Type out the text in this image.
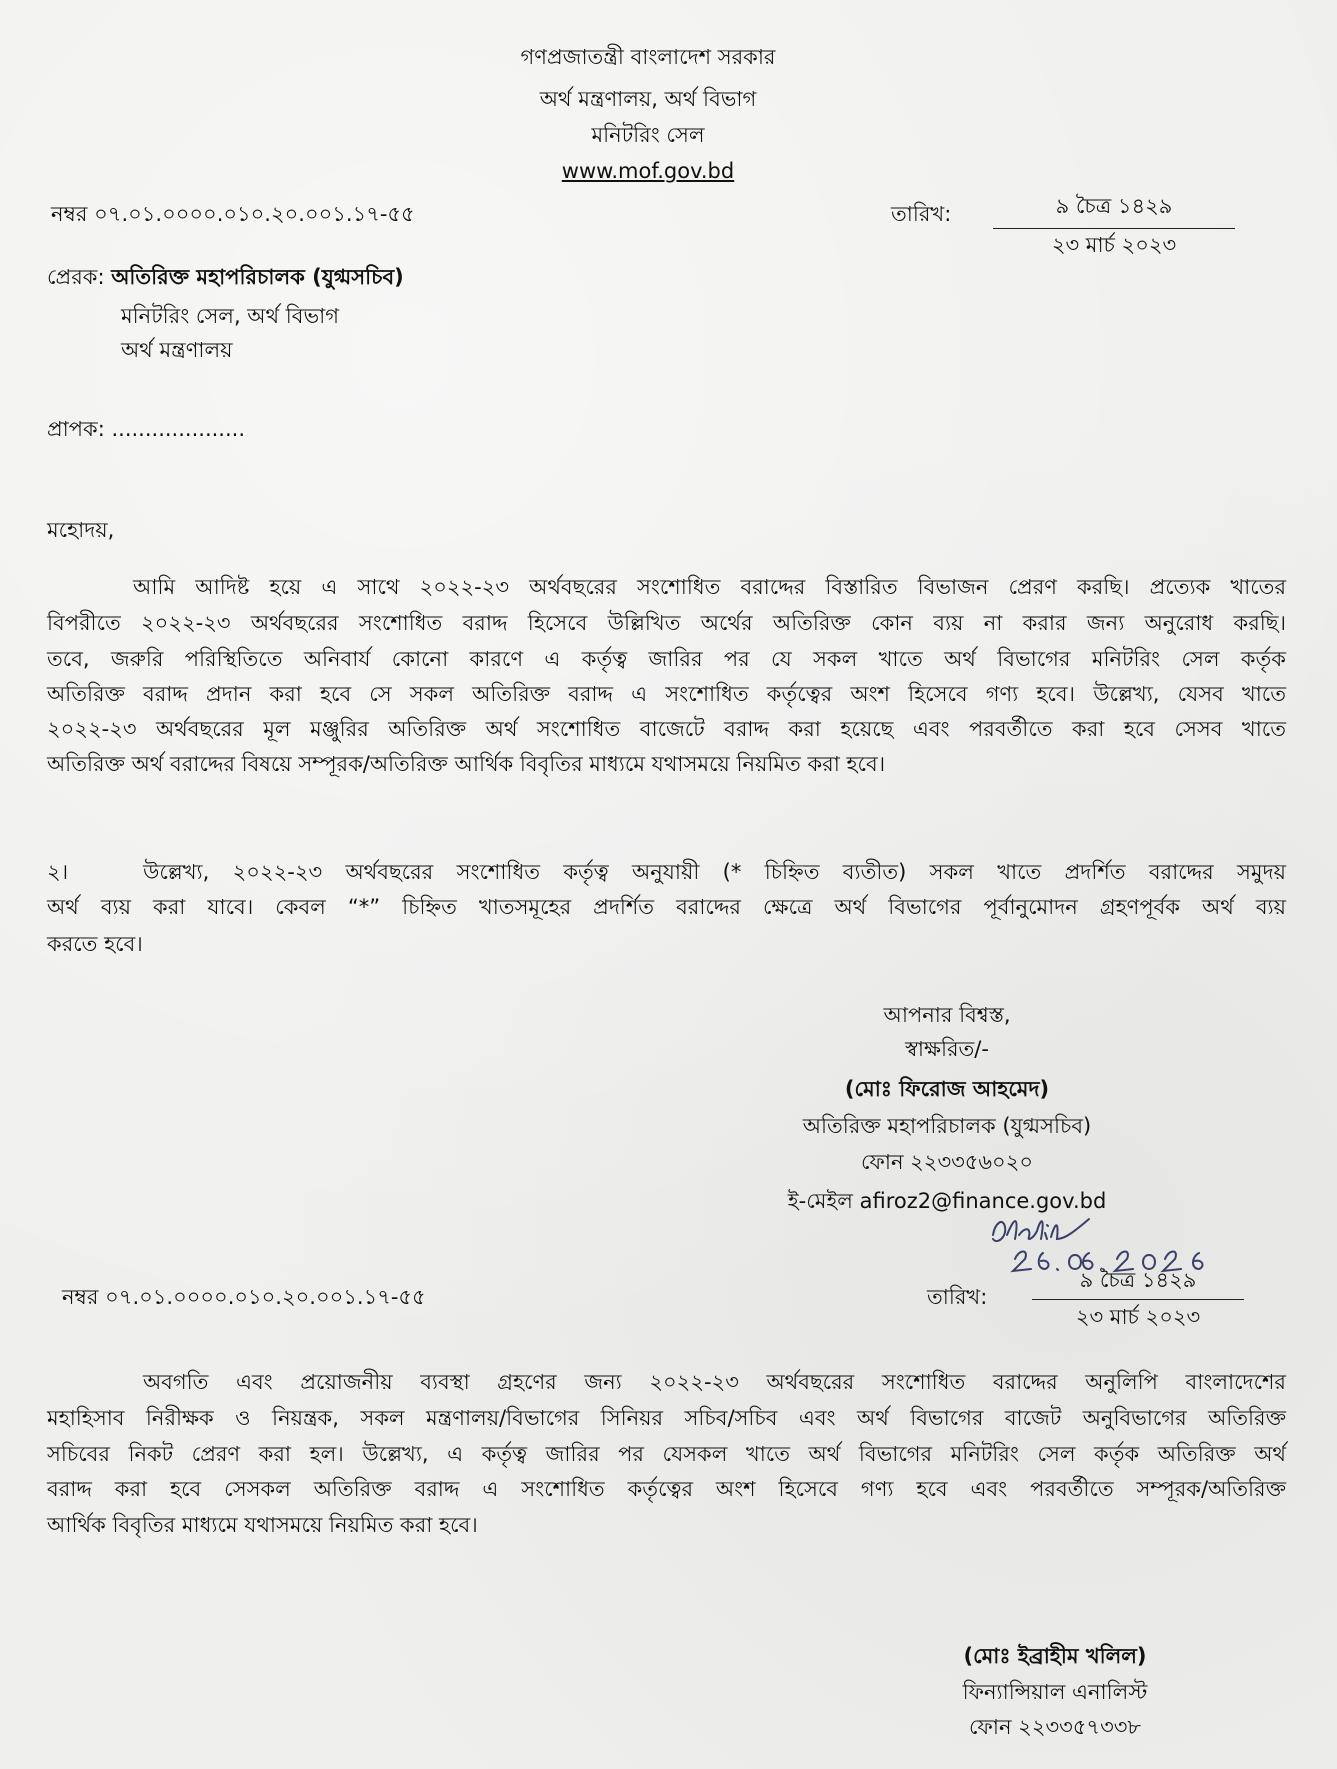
গণপ্রজাতন্ত্রী বাংলাদেশ সরকার
অর্থ মন্ত্রণালয়, অর্থ বিভাগ
মনিটরিং সেল
www.mof.gov.bd
নম্বর ০৭.০১.০০০০.০১০.২০.০০১.১৭-৫৫	তারিখ:	৯ চৈত্র ১৪২৯
২৩ মার্চ ২০২৩
প্রেরক: অতিরিক্ত মহাপরিচালক (যুগ্মসচিব)
মনিটরিং সেল, অর্থ বিভাগ
অর্থ মন্ত্রণালয়
প্রাপক: ....................
মহোদয়,
আমি আদিষ্ট হয়ে এ সাথে ২০২২-২৩ অর্থবছরের সংশোধিত বরাদ্দের বিস্তারিত বিভাজন প্রেরণ করছি। প্রত্যেক খাতের
বিপরীতে ২০২২-২৩ অর্থবছরের সংশোধিত বরাদ্দ হিসেবে উল্লিখিত অর্থের অতিরিক্ত কোন ব্যয় না করার জন্য অনুরোধ করছি।
তবে, জরুরি পরিস্থিতিতে অনিবার্য কোনো কারণে এ কর্তৃত্ব জারির পর যে সকল খাতে অর্থ বিভাগের মনিটরিং সেল কর্তৃক
অতিরিক্ত বরাদ্দ প্রদান করা হবে সে সকল অতিরিক্ত বরাদ্দ এ সংশোধিত কর্তৃত্বের অংশ হিসেবে গণ্য হবে। উল্লেখ্য, যেসব খাতে
২০২২-২৩ অর্থবছরের মূল মঞ্জুরির অতিরিক্ত অর্থ সংশোধিত বাজেটে বরাদ্দ করা হয়েছে এবং পরবর্তীতে করা হবে সেসব খাতে
অতিরিক্ত অর্থ বরাদ্দের বিষয়ে সম্পূরক/অতিরিক্ত আর্থিক বিবৃতির মাধ্যমে যথাসময়ে নিয়মিত করা হবে।
২।	উল্লেখ্য, ২০২২-২৩ অর্থবছরের সংশোধিত কর্তৃত্ব অনুযায়ী (* চিহ্নিত ব্যতীত) সকল খাতে প্রদর্শিত বরাদ্দের সমুদয়
অর্থ ব্যয় করা যাবে। কেবল “*” চিহ্নিত খাতসমূহের প্রদর্শিত বরাদ্দের ক্ষেত্রে অর্থ বিভাগের পূর্বানুমোদন গ্রহণপূর্বক অর্থ ব্যয়
করতে হবে।
আপনার বিশ্বস্ত,
স্বাক্ষরিত/-
(মোঃ ফিরোজ আহমেদ)
অতিরিক্ত মহাপরিচালক (যুগ্মসচিব)
ফোন ২২৩৩৫৬০২০
ই-মেইল afiroz2@finance.gov.bd
নম্বর ০৭.০১.০০০০.০১০.২০.০০১.১৭-৫৫	তারিখ:
৯ চৈত্র ১৪২৯
২৩ মার্চ ২০২৩
অবগতি এবং প্রয়োজনীয় ব্যবস্থা গ্রহণের জন্য ২০২২-২৩ অর্থবছরের সংশোধিত বরাদ্দের অনুলিপি বাংলাদেশের
মহাহিসাব নিরীক্ষক ও নিয়ন্ত্রক, সকল মন্ত্রণালয়/বিভাগের সিনিয়র সচিব/সচিব এবং অর্থ বিভাগের বাজেট অনুবিভাগের অতিরিক্ত
সচিবের নিকট প্রেরণ করা হল। উল্লেখ্য, এ কর্তৃত্ব জারির পর যেসকল খাতে অর্থ বিভাগের মনিটরিং সেল কর্তৃক অতিরিক্ত অর্থ
বরাদ্দ করা হবে সেসকল অতিরিক্ত বরাদ্দ এ সংশোধিত কর্তৃত্বের অংশ হিসেবে গণ্য হবে এবং পরবর্তীতে সম্পূরক/অতিরিক্ত
আর্থিক বিবৃতির মাধ্যমে যথাসময়ে নিয়মিত করা হবে।
(মোঃ ইব্রাহীম খলিল)
ফিন্যান্সিয়াল এনালিস্ট
ফোন ২২৩৩৫৭৩৩৮
